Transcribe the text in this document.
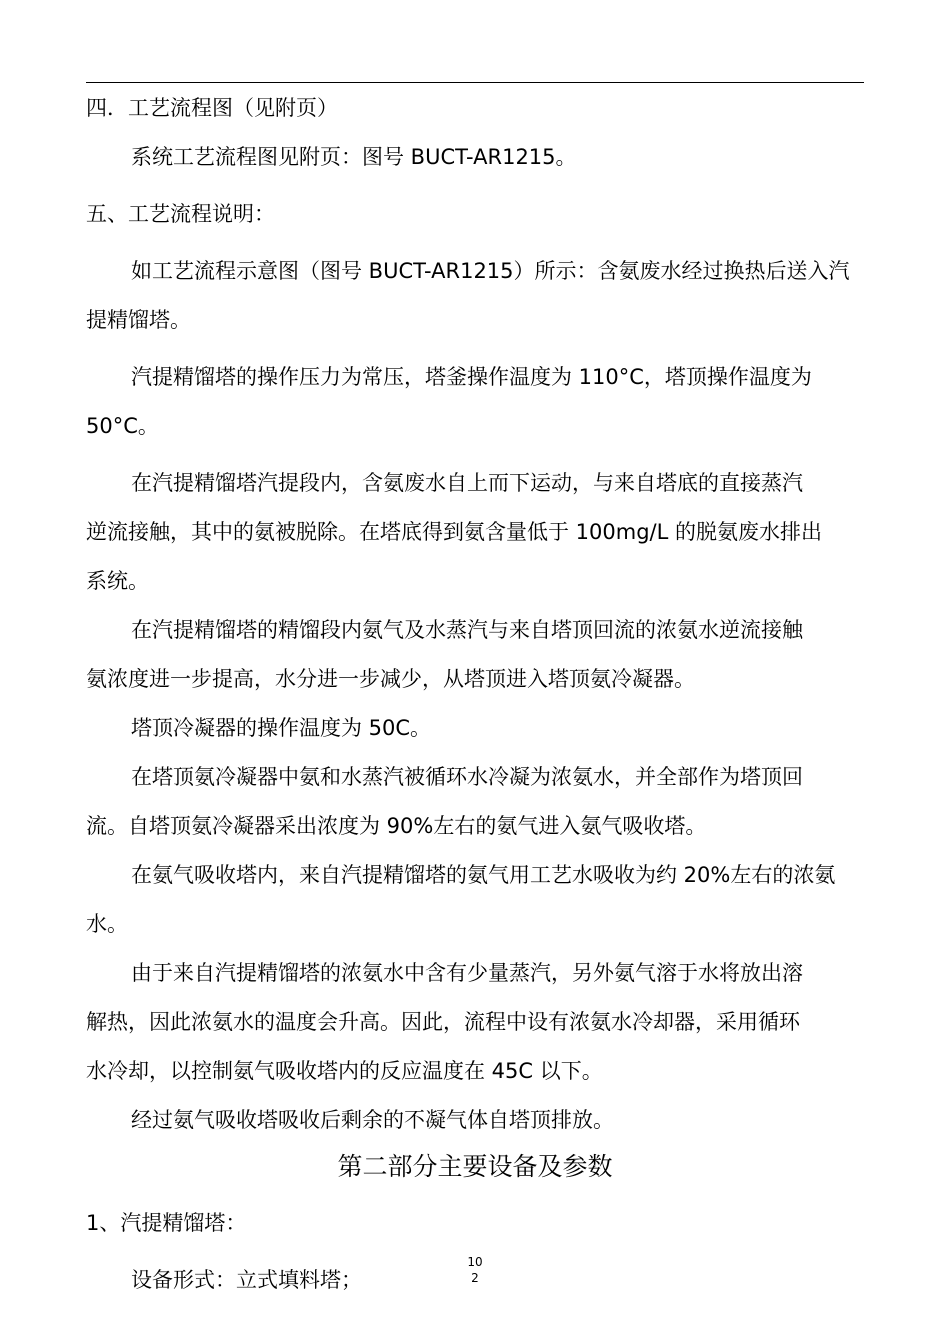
四．工艺流程图（见附页）

系统工艺流程图见附页：图号 BUCT-AR1215。

五、工艺流程说明：

如工艺流程示意图（图号 BUCT-AR1215）所示：含氨废水经过换热后送入汽

提精馏塔。

汽提精馏塔的操作压力为常压，塔釜操作温度为 110°C，塔顶操作温度为

50°C。

在汽提精馏塔汽提段内，含氨废水自上而下运动，与来自塔底的直接蒸汽

逆流接触，其中的氨被脱除。在塔底得到氨含量低于 100mg/L 的脱氨废水排出

系统。

在汽提精馏塔的精馏段内氨气及水蒸汽与来自塔顶回流的浓氨水逆流接触

氨浓度进一步提高，水分进一步减少，从塔顶进入塔顶氨冷凝器。

塔顶冷凝器的操作温度为 50C。

在塔顶氨冷凝器中氨和水蒸汽被循环水冷凝为浓氨水，并全部作为塔顶回

流。自塔顶氨冷凝器采出浓度为 90%左右的氨气进入氨气吸收塔。

在氨气吸收塔内，来自汽提精馏塔的氨气用工艺水吸收为约 20%左右的浓氨

水。

由于来自汽提精馏塔的浓氨水中含有少量蒸汽，另外氨气溶于水将放出溶

解热，因此浓氨水的温度会升高。因此，流程中设有浓氨水冷却器，采用循环

水冷却，以控制氨气吸收塔内的反应温度在 45C 以下。

经过氨气吸收塔吸收后剩余的不凝气体自塔顶排放。

第二部分主要设备及参数

1、汽提精馏塔：

设备形式：立式填料塔；

10
2
